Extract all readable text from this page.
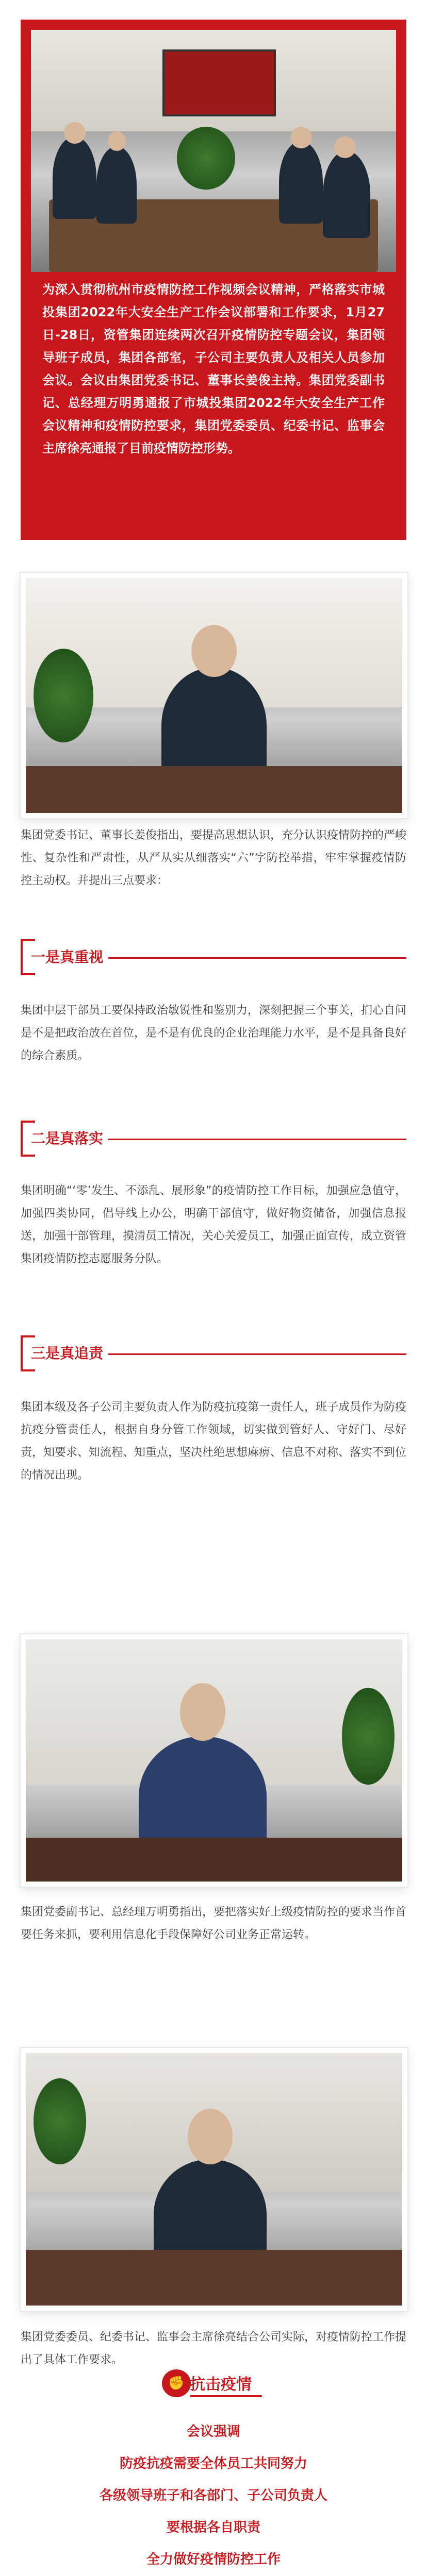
为深入贯彻杭州市疫情防控工作视频会议精神，严格落实市城投集团2022年大安全生产工作会议部署和工作要求，1月27日-28日，资管集团连续两次召开疫情防控专题会议，集团领导班子成员，集团各部室，子公司主要负责人及相关人员参加会议。会议由集团党委书记、董事长姜俊主持。集团党委副书记、总经理万明勇通报了市城投集团2022年大安全生产工作会议精神和疫情防控要求，集团党委委员、纪委书记、监事会主席徐亮通报了目前疫情防控形势。
集团党委书记、董事长姜俊指出，要提高思想认识，充分认识疫情防控的严峻性、复杂性和严肃性，从严从实从细落实“六”字防控举措，牢牢掌握疫情防控主动权。并提出三点要求：
一是真重视
集团中层干部员工要保持政治敏锐性和鉴别力，深刻把握三个事关，扪心自问是不是把政治放在首位，是不是有优良的企业治理能力水平，是不是具备良好的综合素质。
二是真落实
集团明确“‘零’发生、不添乱、展形象”的疫情防控工作目标，加强应急值守，加强四类协同，倡导线上办公，明确干部值守，做好物资储备，加强信息报送，加强干部管理，摸清员工情况，关心关爱员工，加强正面宣传，成立资管集团疫情防控志愿服务分队。
三是真追责
集团本级及各子公司主要负责人作为防疫抗疫第一责任人，班子成员作为防疫抗疫分管责任人，根据自身分管工作领域，切实做到管好人、守好门、尽好责，知要求、知流程、知重点，坚决杜绝思想麻痹、信息不对称、落实不到位的情况出现。
集团党委副书记、总经理万明勇指出，要把落实好上级疫情防控的要求当作首要任务来抓，要利用信息化手段保障好公司业务正常运转。
集团党委委员、纪委书记、监事会主席徐亮结合公司实际，对疫情防控工作提出了具体工作要求。
✊ 抗击疫情
会议强调
防疫抗疫需要全体员工共同努力
各级领导班子和各部门、子公司负责人
要根据各自职责
全力做好疫情防控工作
